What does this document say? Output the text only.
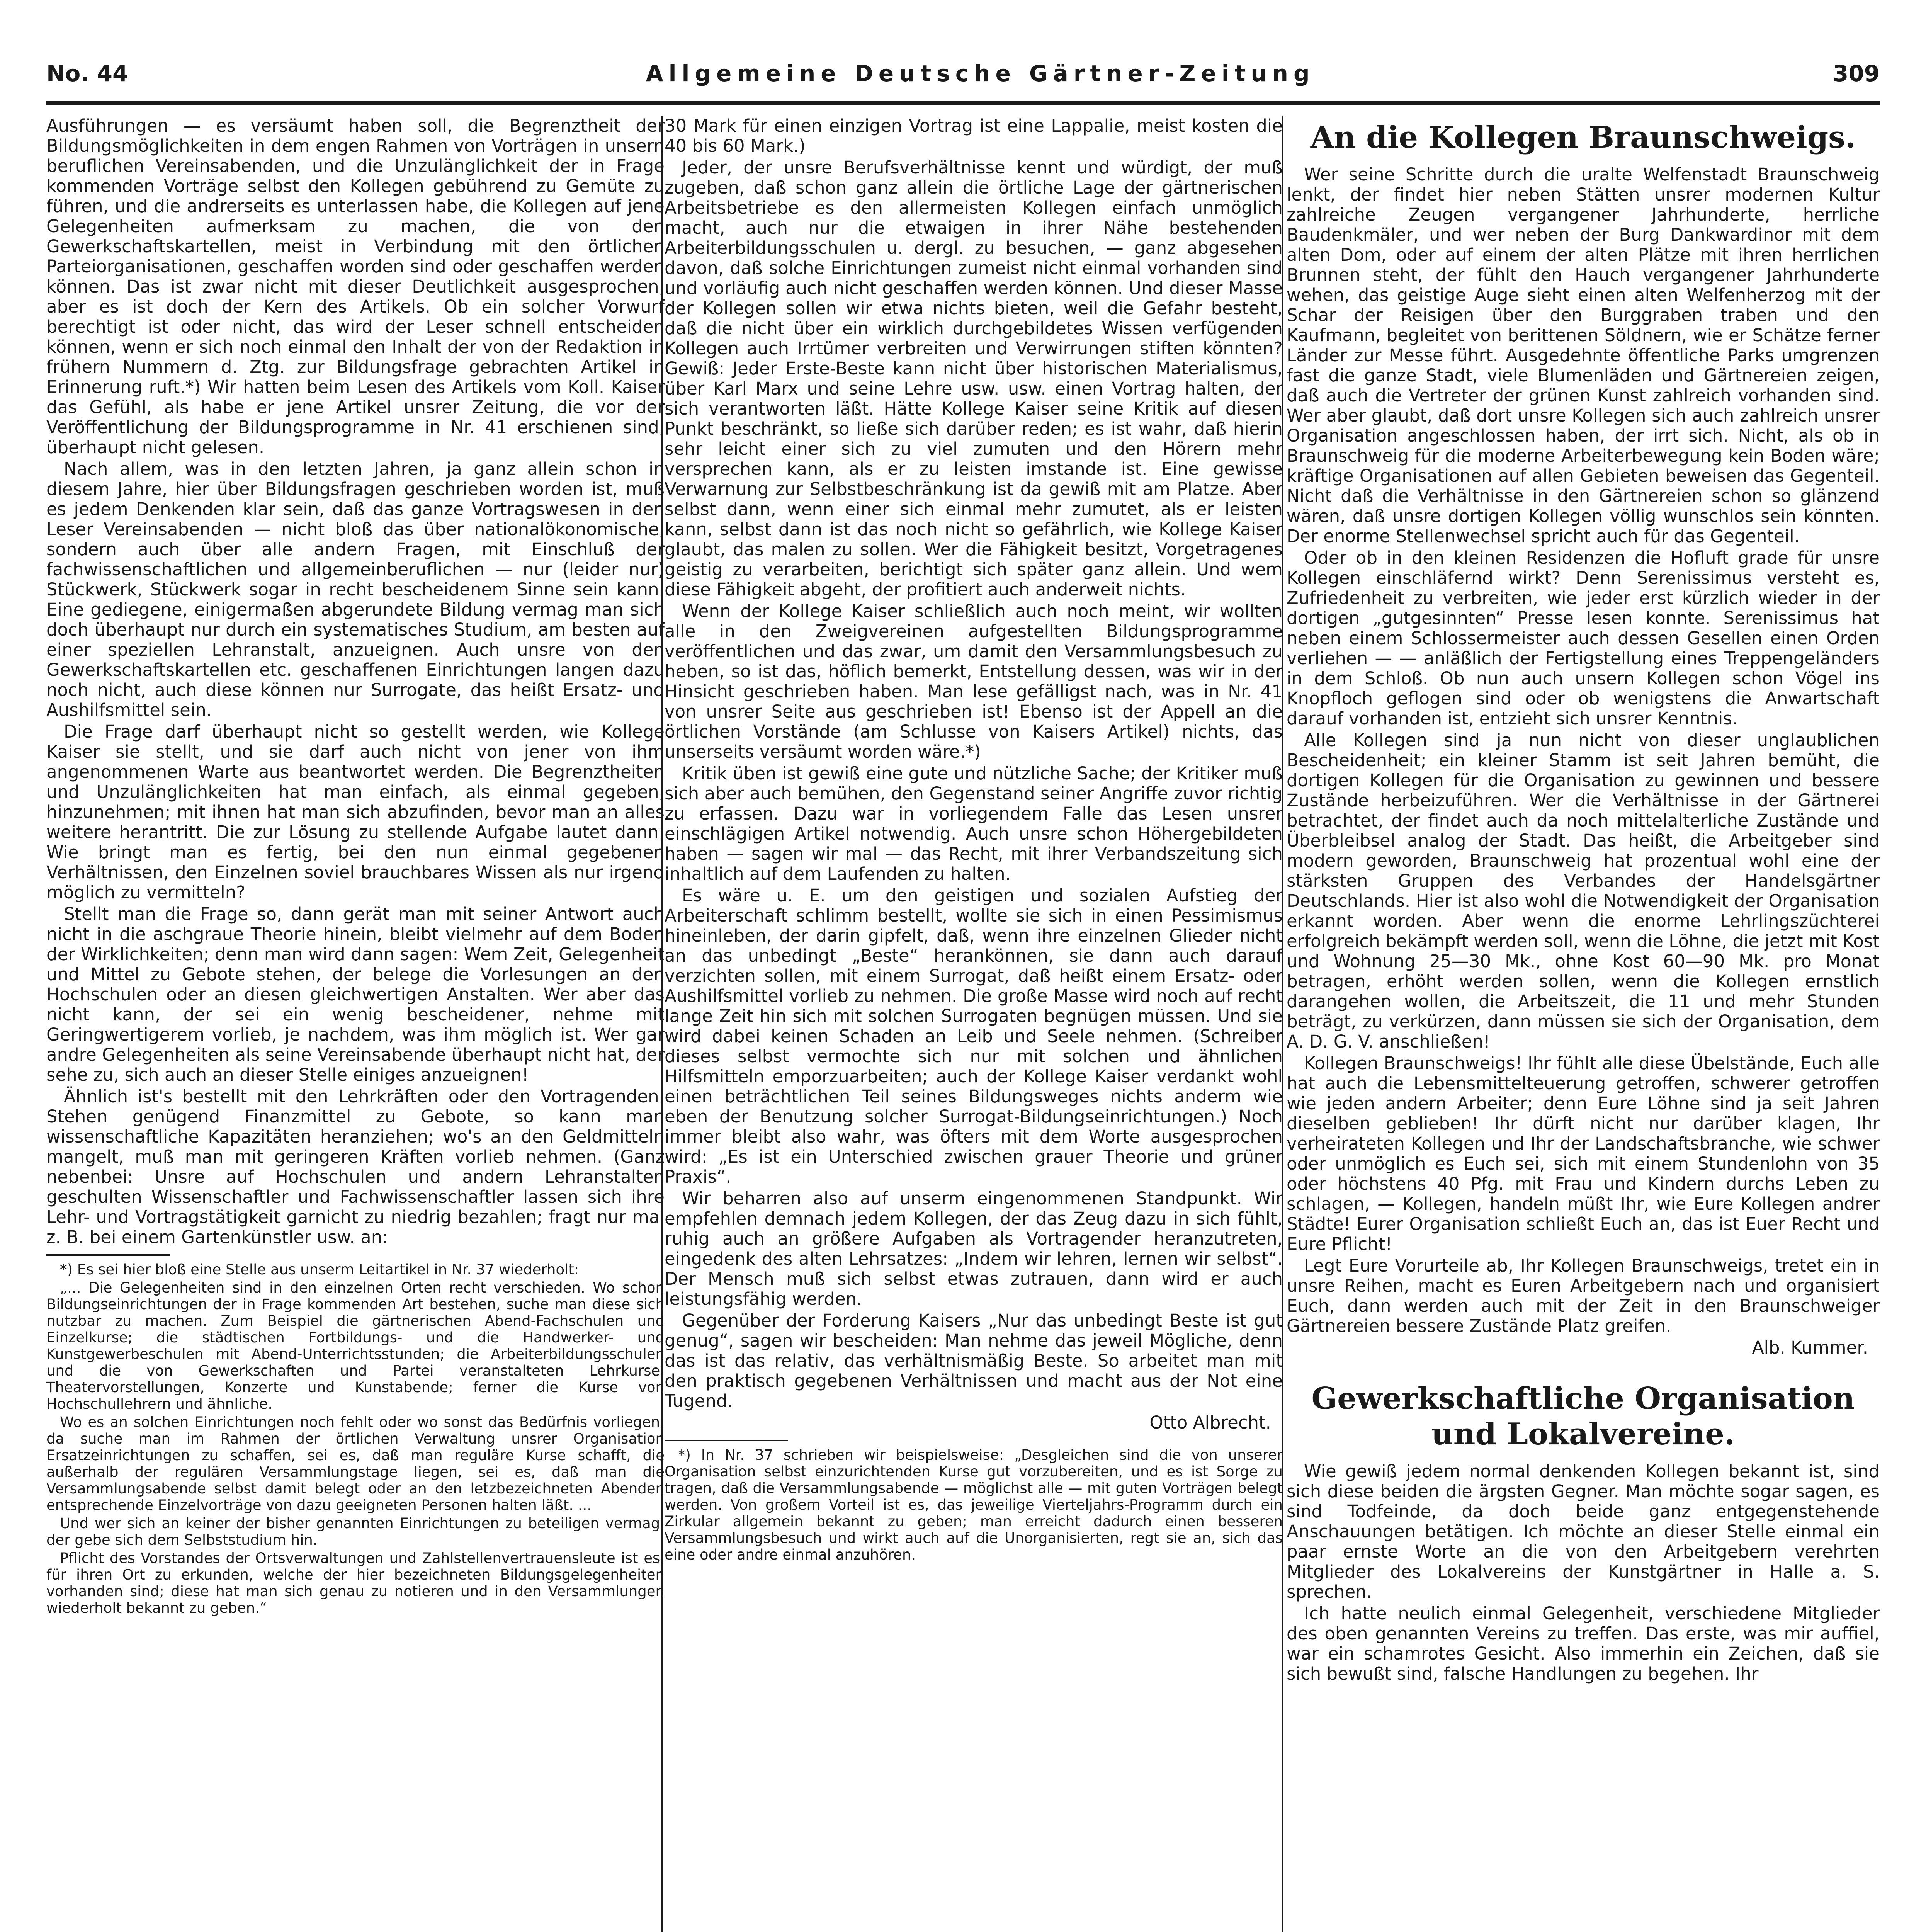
No. 44	Allgemeine Deutsche Gärtner-Zeitung	309

Ausführungen — es versäumt haben soll, die Begrenztheit der Bildungsmöglichkeiten in dem engen Rahmen von Vorträgen in unsern beruflichen Vereinsabenden, und die Unzulänglichkeit der in Frage kommenden Vorträge selbst den Kollegen gebührend zu Gemüte zu führen, und die andrerseits es unterlassen habe, die Kollegen auf jene Gelegenheiten aufmerksam zu machen, die von den Gewerkschaftskartellen, meist in Verbindung mit den örtlichen Parteiorganisationen, geschaffen worden sind oder geschaffen werden können. Das ist zwar nicht mit dieser Deutlichkeit ausgesprochen, aber es ist doch der Kern des Artikels. Ob ein solcher Vorwurf berechtigt ist oder nicht, das wird der Leser schnell entscheiden können, wenn er sich noch einmal den Inhalt der von der Redaktion in frühern Nummern d. Ztg. zur Bildungsfrage gebrachten Artikel in Erinnerung ruft.*) Wir hatten beim Lesen des Artikels vom Koll. Kaiser das Gefühl, als habe er jene Artikel unsrer Zeitung, die vor der Veröffentlichung der Bildungsprogramme in Nr. 41 erschienen sind, überhaupt nicht gelesen.

Nach allem, was in den letzten Jahren, ja ganz allein schon in diesem Jahre, hier über Bildungsfragen geschrieben worden ist, muß es jedem Denkenden klar sein, daß das ganze Vortragswesen in den Leser Vereinsabenden — nicht bloß das über nationalökonomische, sondern auch über alle andern Fragen, mit Einschluß der fachwissenschaftlichen und allgemeinberuflichen — nur (leider nur) Stückwerk, Stückwerk sogar in recht bescheidenem Sinne sein kann. Eine gediegene, einigermaßen abgerundete Bildung vermag man sich doch überhaupt nur durch ein systematisches Studium, am besten auf einer speziellen Lehranstalt, anzueignen. Auch unsre von den Gewerkschaftskartellen etc. geschaffenen Einrichtungen langen dazu noch nicht, auch diese können nur Surrogate, das heißt Ersatz- und Aushilfsmittel sein.

Die Frage darf überhaupt nicht so gestellt werden, wie Kollege Kaiser sie stellt, und sie darf auch nicht von jener von ihm angenommenen Warte aus beantwortet werden. Die Begrenztheiten und Unzulänglichkeiten hat man einfach, als einmal gegeben, hinzunehmen; mit ihnen hat man sich abzufinden, bevor man an alles weitere herantritt. Die zur Lösung zu stellende Aufgabe lautet dann: Wie bringt man es fertig, bei den nun einmal gegebenen Verhältnissen, den Einzelnen soviel brauchbares Wissen als nur irgend möglich zu vermitteln?

Stellt man die Frage so, dann gerät man mit seiner Antwort auch nicht in die aschgraue Theorie hinein, bleibt vielmehr auf dem Boden der Wirklichkeiten; denn man wird dann sagen: Wem Zeit, Gelegenheit und Mittel zu Gebote stehen, der belege die Vorlesungen an den Hochschulen oder an diesen gleichwertigen Anstalten. Wer aber das nicht kann, der sei ein wenig bescheidener, nehme mit Geringwertigerem vorlieb, je nachdem, was ihm möglich ist. Wer gar andre Gelegenheiten als seine Vereinsabende überhaupt nicht hat, der sehe zu, sich auch an dieser Stelle einiges anzueignen!

Ähnlich ist's bestellt mit den Lehrkräften oder den Vortragenden. Stehen genügend Finanzmittel zu Gebote, so kann man wissenschaftliche Kapazitäten heranziehen; wo's an den Geldmitteln mangelt, muß man mit geringeren Kräften vorlieb nehmen. (Ganz nebenbei: Unsre auf Hochschulen und andern Lehranstalten geschulten Wissenschaftler und Fachwissenschaftler lassen sich ihre Lehr- und Vortragstätigkeit garnicht zu niedrig bezahlen; fragt nur mal z. B. bei einem Gartenkünstler usw. an:

*) Es sei hier bloß eine Stelle aus unserm Leitartikel in Nr. 37 wiederholt:

„... Die Gelegenheiten sind in den einzelnen Orten recht verschieden. Wo schon Bildungseinrichtungen der in Frage kommenden Art bestehen, suche man diese sich nutzbar zu machen. Zum Beispiel die gärtnerischen Abend-Fachschulen und Einzelkurse; die städtischen Fortbildungs- und die Handwerker- und Kunstgewerbeschulen mit Abend-Unterrichtsstunden; die Arbeiterbildungsschulen und die von Gewerkschaften und Partei veranstalteten Lehrkurse, Theatervorstellungen, Konzerte und Kunstabende; ferner die Kurse von Hochschullehrern und ähnliche.

Wo es an solchen Einrichtungen noch fehlt oder wo sonst das Bedürfnis vorliegen, da suche man im Rahmen der örtlichen Verwaltung unsrer Organisation Ersatzeinrichtungen zu schaffen, sei es, daß man reguläre Kurse schafft, die außerhalb der regulären Versammlungstage liegen, sei es, daß man die Versammlungsabende selbst damit belegt oder an den letzbezeichneten Abenden entsprechende Einzelvorträge von dazu geeigneten Personen halten läßt. ...

Und wer sich an keiner der bisher genannten Einrichtungen zu beteiligen vermag, der gebe sich dem Selbststudium hin.

Pflicht des Vorstandes der Ortsverwaltungen und Zahlstellenvertrauensleute ist es, für ihren Ort zu erkunden, welche der hier bezeichneten Bildungsgelegenheiten vorhanden sind; diese hat man sich genau zu notieren und in den Versammlungen wiederholt bekannt zu geben.“

30 Mark für einen einzigen Vortrag ist eine Lappalie, meist kosten die 40 bis 60 Mark.)

Jeder, der unsre Berufsverhältnisse kennt und würdigt, der muß zugeben, daß schon ganz allein die örtliche Lage der gärtnerischen Arbeitsbetriebe es den allermeisten Kollegen einfach unmöglich macht, auch nur die etwaigen in ihrer Nähe bestehenden Arbeiterbildungsschulen u. dergl. zu besuchen, — ganz abgesehen davon, daß solche Einrichtungen zumeist nicht einmal vorhanden sind und vorläufig auch nicht geschaffen werden können. Und dieser Masse der Kollegen sollen wir etwa nichts bieten, weil die Gefahr besteht, daß die nicht über ein wirklich durchgebildetes Wissen verfügenden Kollegen auch Irrtümer verbreiten und Verwirrungen stiften könnten? Gewiß: Jeder Erste-Beste kann nicht über historischen Materialismus, über Karl Marx und seine Lehre usw. usw. einen Vortrag halten, der sich verantworten läßt. Hätte Kollege Kaiser seine Kritik auf diesen Punkt beschränkt, so ließe sich darüber reden; es ist wahr, daß hierin sehr leicht einer sich zu viel zumuten und den Hörern mehr versprechen kann, als er zu leisten imstande ist. Eine gewisse Verwarnung zur Selbstbeschränkung ist da gewiß mit am Platze. Aber selbst dann, wenn einer sich einmal mehr zumutet, als er leisten kann, selbst dann ist das noch nicht so gefährlich, wie Kollege Kaiser glaubt, das malen zu sollen. Wer die Fähigkeit besitzt, Vorgetragenes geistig zu verarbeiten, berichtigt sich später ganz allein. Und wem diese Fähigkeit abgeht, der profitiert auch anderweit nichts.

Wenn der Kollege Kaiser schließlich auch noch meint, wir wollten alle in den Zweigvereinen aufgestellten Bildungsprogramme veröffentlichen und das zwar, um damit den Versammlungsbesuch zu heben, so ist das, höflich bemerkt, Entstellung dessen, was wir in der Hinsicht geschrieben haben. Man lese gefälligst nach, was in Nr. 41 von unsrer Seite aus geschrieben ist! Ebenso ist der Appell an die örtlichen Vorstände (am Schlusse von Kaisers Artikel) nichts, das unserseits versäumt worden wäre.*)

Kritik üben ist gewiß eine gute und nützliche Sache; der Kritiker muß sich aber auch bemühen, den Gegenstand seiner Angriffe zuvor richtig zu erfassen. Dazu war in vorliegendem Falle das Lesen unsrer einschlägigen Artikel notwendig. Auch unsre schon Höhergebildeten haben — sagen wir mal — das Recht, mit ihrer Verbandszeitung sich inhaltlich auf dem Laufenden zu halten.

Es wäre u. E. um den geistigen und sozialen Aufstieg der Arbeiterschaft schlimm bestellt, wollte sie sich in einen Pessimismus hineinleben, der darin gipfelt, daß, wenn ihre einzelnen Glieder nicht an das unbedingt „Beste“ herankönnen, sie dann auch darauf verzichten sollen, mit einem Surrogat, daß heißt einem Ersatz- oder Aushilfsmittel vorlieb zu nehmen. Die große Masse wird noch auf recht lange Zeit hin sich mit solchen Surrogaten begnügen müssen. Und sie wird dabei keinen Schaden an Leib und Seele nehmen. (Schreiber dieses selbst vermochte sich nur mit solchen und ähnlichen Hilfsmitteln emporzuarbeiten; auch der Kollege Kaiser verdankt wohl einen beträchtlichen Teil seines Bildungsweges nichts anderm wie eben der Benutzung solcher Surrogat-Bildungseinrichtungen.) Noch immer bleibt also wahr, was öfters mit dem Worte ausgesprochen wird: „Es ist ein Unterschied zwischen grauer Theorie und grüner Praxis“.

Wir beharren also auf unserm eingenommenen Standpunkt. Wir empfehlen demnach jedem Kollegen, der das Zeug dazu in sich fühlt, ruhig auch an größere Aufgaben als Vortragender heranzutreten, eingedenk des alten Lehrsatzes: „Indem wir lehren, lernen wir selbst“. Der Mensch muß sich selbst etwas zutrauen, dann wird er auch leistungsfähig werden.

Gegenüber der Forderung Kaisers „Nur das unbedingt Beste ist gut genug“, sagen wir bescheiden: Man nehme das jeweil Mögliche, denn das ist das relativ, das verhältnismäßig Beste. So arbeitet man mit den praktisch gegebenen Verhältnissen und macht aus der Not eine Tugend.

Otto Albrecht.

*) In Nr. 37 schrieben wir beispielsweise: „Desgleichen sind die von unserer Organisation selbst einzurichtenden Kurse gut vorzubereiten, und es ist Sorge zu tragen, daß die Versammlungsabende — möglichst alle — mit guten Vorträgen belegt werden. Von großem Vorteil ist es, das jeweilige Vierteljahrs-Programm durch ein Zirkular allgemein bekannt zu geben; man erreicht dadurch einen besseren Versammlungsbesuch und wirkt auch auf die Unorganisierten, regt sie an, sich das eine oder andre einmal anzuhören.

An die Kollegen Braunschweigs.

Wer seine Schritte durch die uralte Welfenstadt Braunschweig lenkt, der findet hier neben Stätten unsrer modernen Kultur zahlreiche Zeugen vergangener Jahrhunderte, herrliche Baudenkmäler, und wer neben der Burg Dankwardinor mit dem alten Dom, oder auf einem der alten Plätze mit ihren herrlichen Brunnen steht, der fühlt den Hauch vergangener Jahrhunderte wehen, das geistige Auge sieht einen alten Welfenherzog mit der Schar der Reisigen über den Burggraben traben und den Kaufmann, begleitet von berittenen Söldnern, wie er Schätze ferner Länder zur Messe führt. Ausgedehnte öffentliche Parks umgrenzen fast die ganze Stadt, viele Blumenläden und Gärtnereien zeigen, daß auch die Vertreter der grünen Kunst zahlreich vorhanden sind. Wer aber glaubt, daß dort unsre Kollegen sich auch zahlreich unsrer Organisation angeschlossen haben, der irrt sich. Nicht, als ob in Braunschweig für die moderne Arbeiterbewegung kein Boden wäre; kräftige Organisationen auf allen Gebieten beweisen das Gegenteil. Nicht daß die Verhältnisse in den Gärtnereien schon so glänzend wären, daß unsre dortigen Kollegen völlig wunschlos sein könnten. Der enorme Stellenwechsel spricht auch für das Gegenteil.

Oder ob in den kleinen Residenzen die Hofluft grade für unsre Kollegen einschläfernd wirkt? Denn Serenissimus versteht es, Zufriedenheit zu verbreiten, wie jeder erst kürzlich wieder in der dortigen „gutgesinnten“ Presse lesen konnte. Serenissimus hat neben einem Schlossermeister auch dessen Gesellen einen Orden verliehen — — anläßlich der Fertigstellung eines Treppengeländers in dem Schloß. Ob nun auch unsern Kollegen schon Vögel ins Knopfloch geflogen sind oder ob wenigstens die Anwartschaft darauf vorhanden ist, entzieht sich unsrer Kenntnis.

Alle Kollegen sind ja nun nicht von dieser unglaublichen Bescheidenheit; ein kleiner Stamm ist seit Jahren bemüht, die dortigen Kollegen für die Organisation zu gewinnen und bessere Zustände herbeizuführen. Wer die Verhältnisse in der Gärtnerei betrachtet, der findet auch da noch mittelalterliche Zustände und Überbleibsel analog der Stadt. Das heißt, die Arbeitgeber sind modern geworden, Braunschweig hat prozentual wohl eine der stärksten Gruppen des Verbandes der Handelsgärtner Deutschlands. Hier ist also wohl die Notwendigkeit der Organisation erkannt worden. Aber wenn die enorme Lehrlingszüchterei erfolgreich bekämpft werden soll, wenn die Löhne, die jetzt mit Kost und Wohnung 25—30 Mk., ohne Kost 60—90 Mk. pro Monat betragen, erhöht werden sollen, wenn die Kollegen ernstlich darangehen wollen, die Arbeitszeit, die 11 und mehr Stunden beträgt, zu verkürzen, dann müssen sie sich der Organisation, dem A. D. G. V. anschließen!

Kollegen Braunschweigs! Ihr fühlt alle diese Übelstände, Euch alle hat auch die Lebensmittelteuerung getroffen, schwerer getroffen wie jeden andern Arbeiter; denn Eure Löhne sind ja seit Jahren dieselben geblieben! Ihr dürft nicht nur darüber klagen, Ihr verheirateten Kollegen und Ihr der Landschaftsbranche, wie schwer oder unmöglich es Euch sei, sich mit einem Stundenlohn von 35 oder höchstens 40 Pfg. mit Frau und Kindern durchs Leben zu schlagen, — Kollegen, handeln müßt Ihr, wie Eure Kollegen andrer Städte! Eurer Organisation schließt Euch an, das ist Euer Recht und Eure Pflicht!

Legt Eure Vorurteile ab, Ihr Kollegen Braunschweigs, tretet ein in unsre Reihen, macht es Euren Arbeitgebern nach und organisiert Euch, dann werden auch mit der Zeit in den Braunschweiger Gärtnereien bessere Zustände Platz greifen.

Alb. Kummer.
Gewerkschaftliche Organisation und Lokalvereine.

Wie gewiß jedem normal denkenden Kollegen bekannt ist, sind sich diese beiden die ärgsten Gegner. Man möchte sogar sagen, es sind Todfeinde, da doch beide ganz entgegenstehende Anschauungen betätigen. Ich möchte an dieser Stelle einmal ein paar ernste Worte an die von den Arbeitgebern verehrten Mitglieder des Lokalvereins der Kunstgärtner in Halle a. S. sprechen.

Ich hatte neulich einmal Gelegenheit, verschiedene Mitglieder des oben genannten Vereins zu treffen. Das erste, was mir auffiel, war ein schamrotes Gesicht. Also immerhin ein Zeichen, daß sie sich bewußt sind, falsche Handlungen zu begehen. Ihr
